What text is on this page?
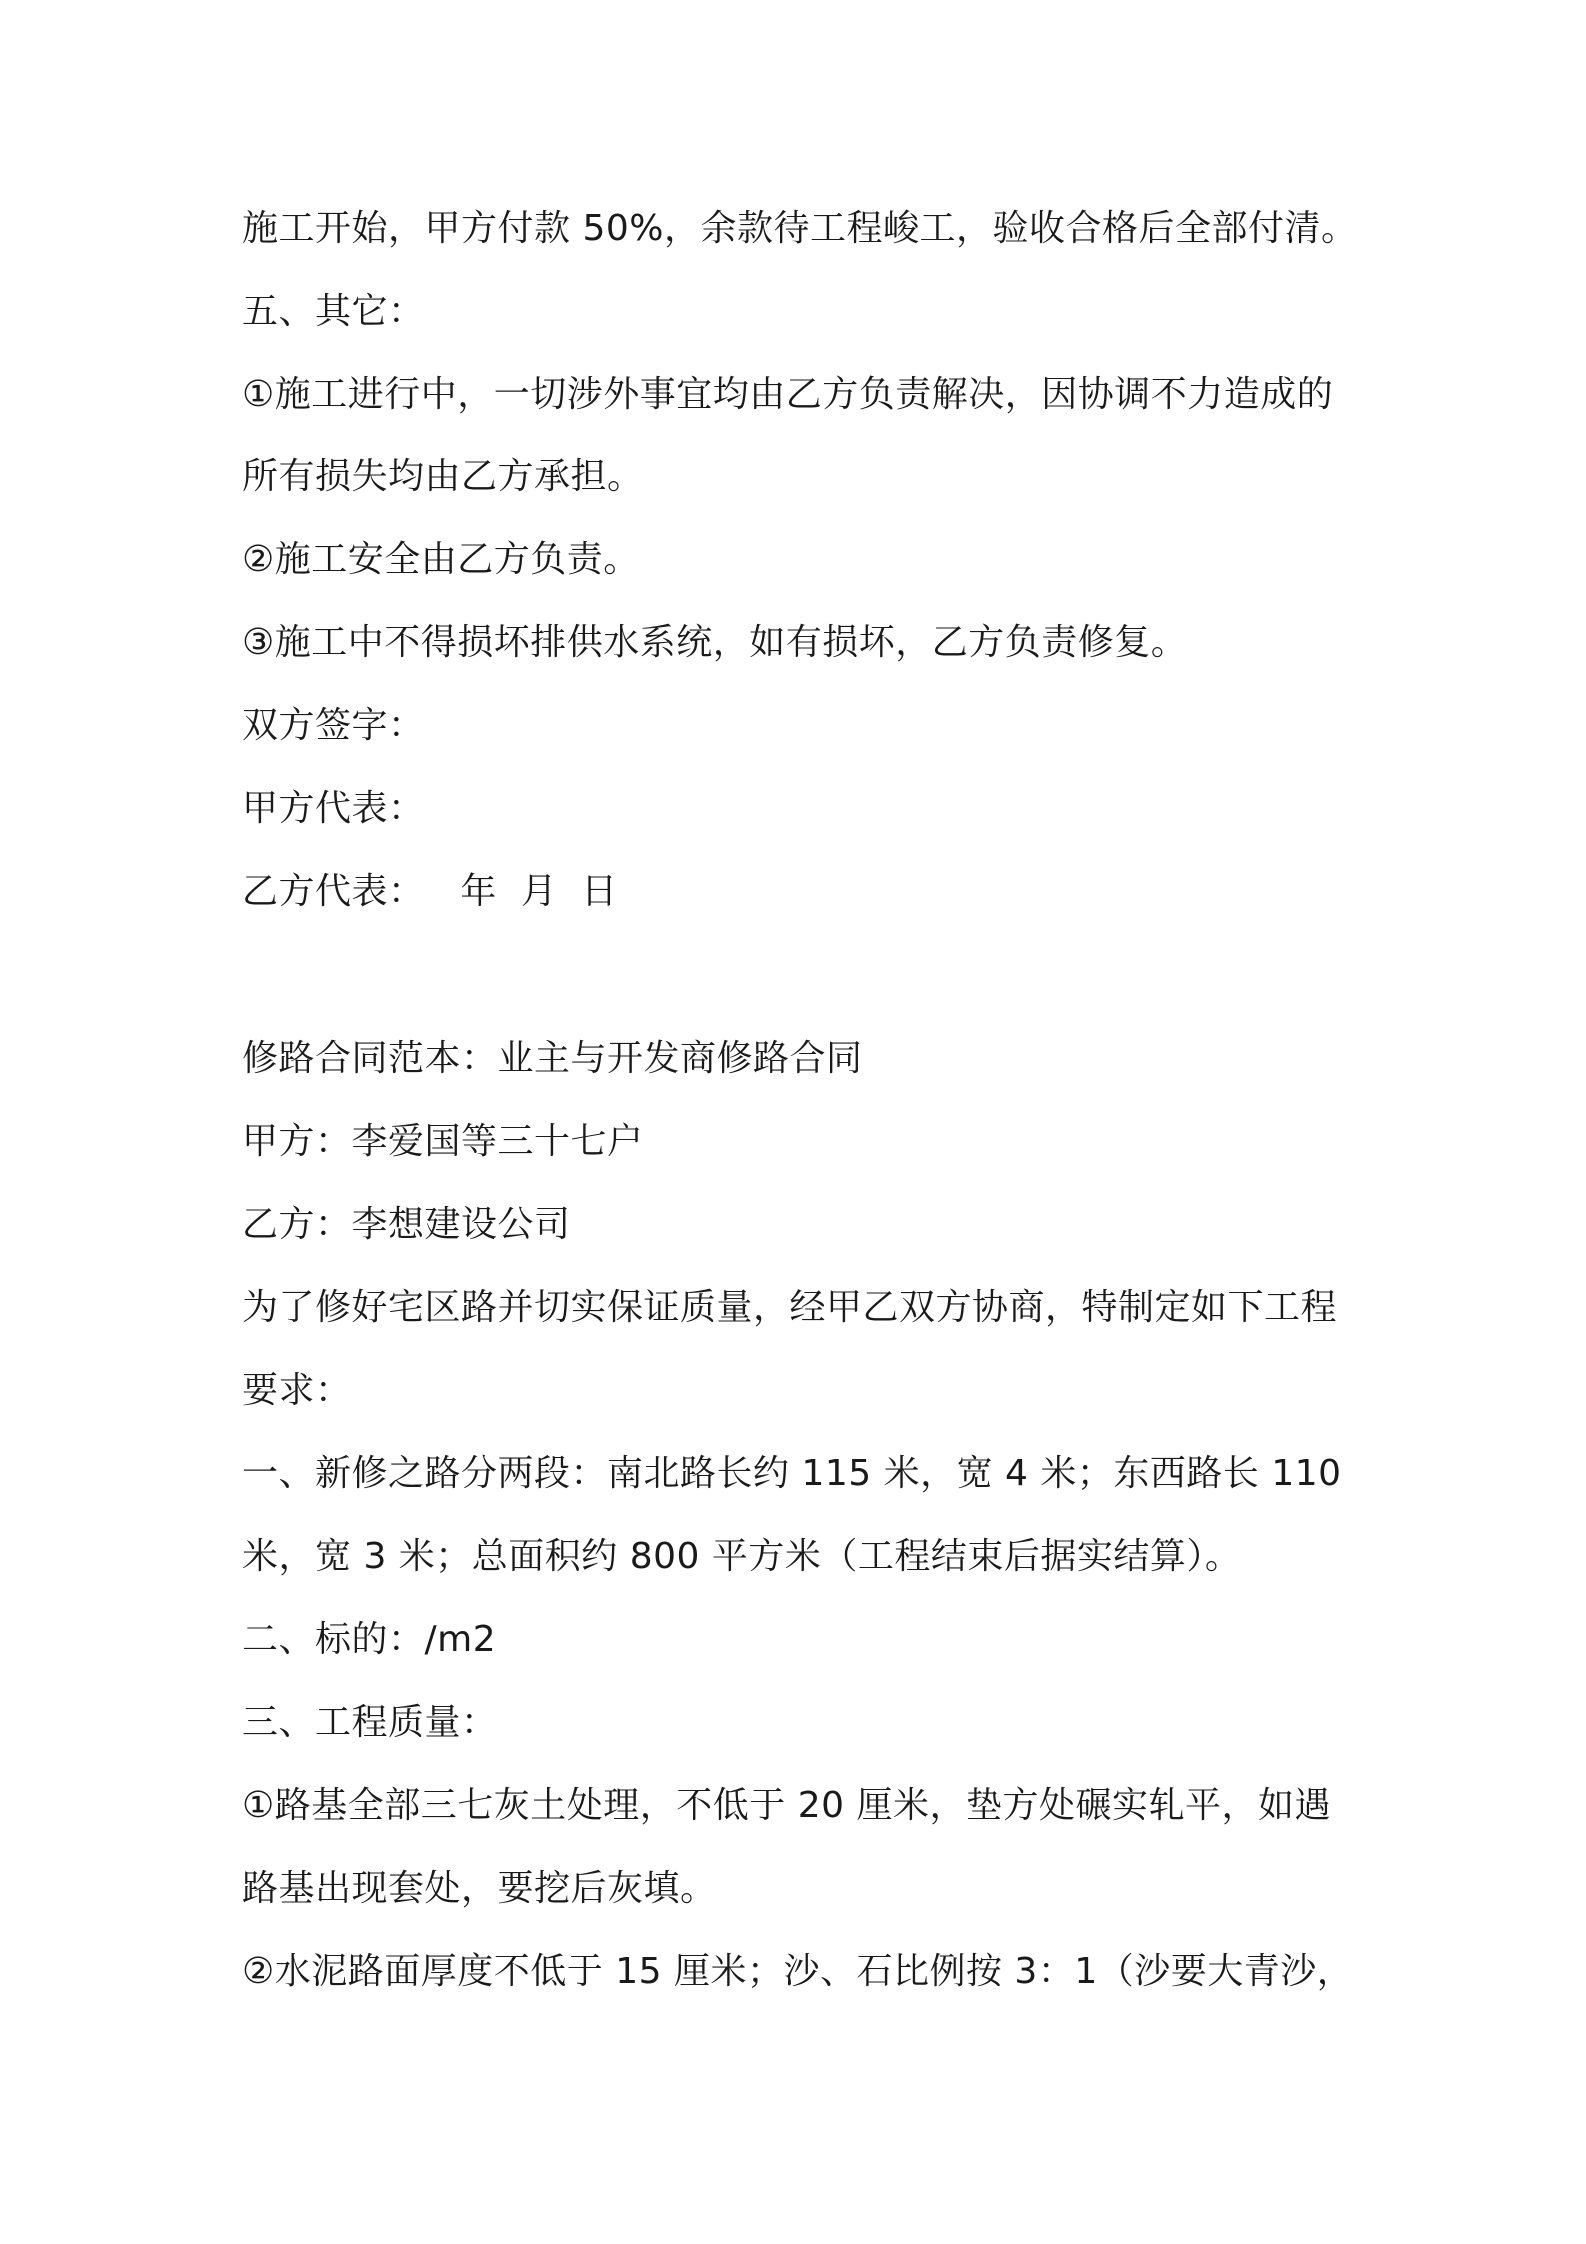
施工开始，甲方付款 50%，余款待工程峻工，验收合格后全部付清。

五、其它：

①施工进行中，一切涉外事宜均由乙方负责解决，因协调不力造成的

所有损失均由乙方承担。

②施工安全由乙方负责。

③施工中不得损坏排供水系统，如有损坏，乙方负责修复。

双方签字：

甲方代表：

乙方代表：   年  月  日

修路合同范本：业主与开发商修路合同

甲方：李爱国等三十七户

乙方：李想建设公司

为了修好宅区路并切实保证质量，经甲乙双方协商，特制定如下工程

要求：

一、新修之路分两段：南北路长约 115 米，宽 4 米；东西路长 110

米，宽 3 米；总面积约 800 平方米（工程结束后据实结算）。

二、标的：/m2

三、工程质量：

①路基全部三七灰土处理，不低于 20 厘米，垫方处碾实轧平，如遇

路基出现套处，要挖后灰填。

②水泥路面厚度不低于 15 厘米；沙、石比例按 3：1（沙要大青沙，
